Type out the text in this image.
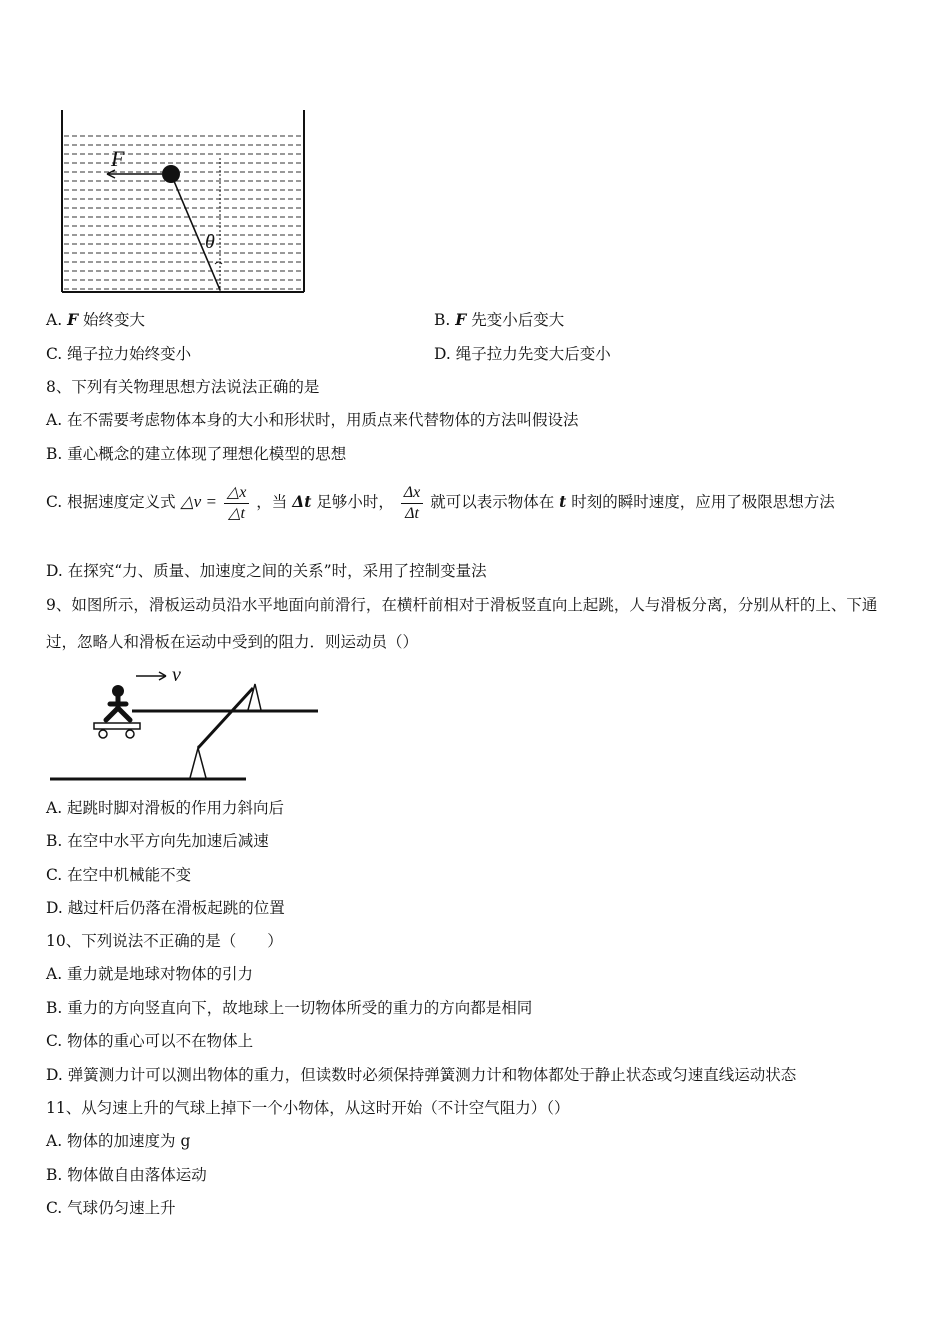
F
θ
A. F 始终变大	B. F 先变小后变大
C. 绳子拉力始终变小	D. 绳子拉力先变大后变小
8、下列有关物理思想方法说法正确的是
A. 在不需要考虑物体本身的大小和形状时，用质点来代替物体的方法叫假设法
B. 重心概念的建立体现了理想化模型的思想
C. 根据速度定义式 △v = $\frac{\triangle x}{\triangle t}$ ，当 Δt 足够小时， $\frac{\Delta x}{\Delta t}$ 就可以表示物体在 t 时刻的瞬时速度，应用了极限思想方法
D. 在探究“力、质量、加速度之间的关系”时，采用了控制变量法
9、如图所示，滑板运动员沿水平地面向前滑行，在横杆前相对于滑板竖直向上起跳，人与滑板分离，分别从杆的上、下通
过，忽略人和滑板在运动中受到的阻力．则运动员（）
v
A. 起跳时脚对滑板的作用力斜向后
B. 在空中水平方向先加速后减速
C. 在空中机械能不变
D. 越过杆后仍落在滑板起跳的位置
10、下列说法不正确的是（　　）
A. 重力就是地球对物体的引力
B. 重力的方向竖直向下，故地球上一切物体所受的重力的方向都是相同
C. 物体的重心可以不在物体上
D. 弹簧测力计可以测出物体的重力，但读数时必须保持弹簧测力计和物体都处于静止状态或匀速直线运动状态
11、从匀速上升的气球上掉下一个小物体，从这时开始（不计空气阻力）（）
A. 物体的加速度为 g
B. 物体做自由落体运动
C. 气球仍匀速上升
